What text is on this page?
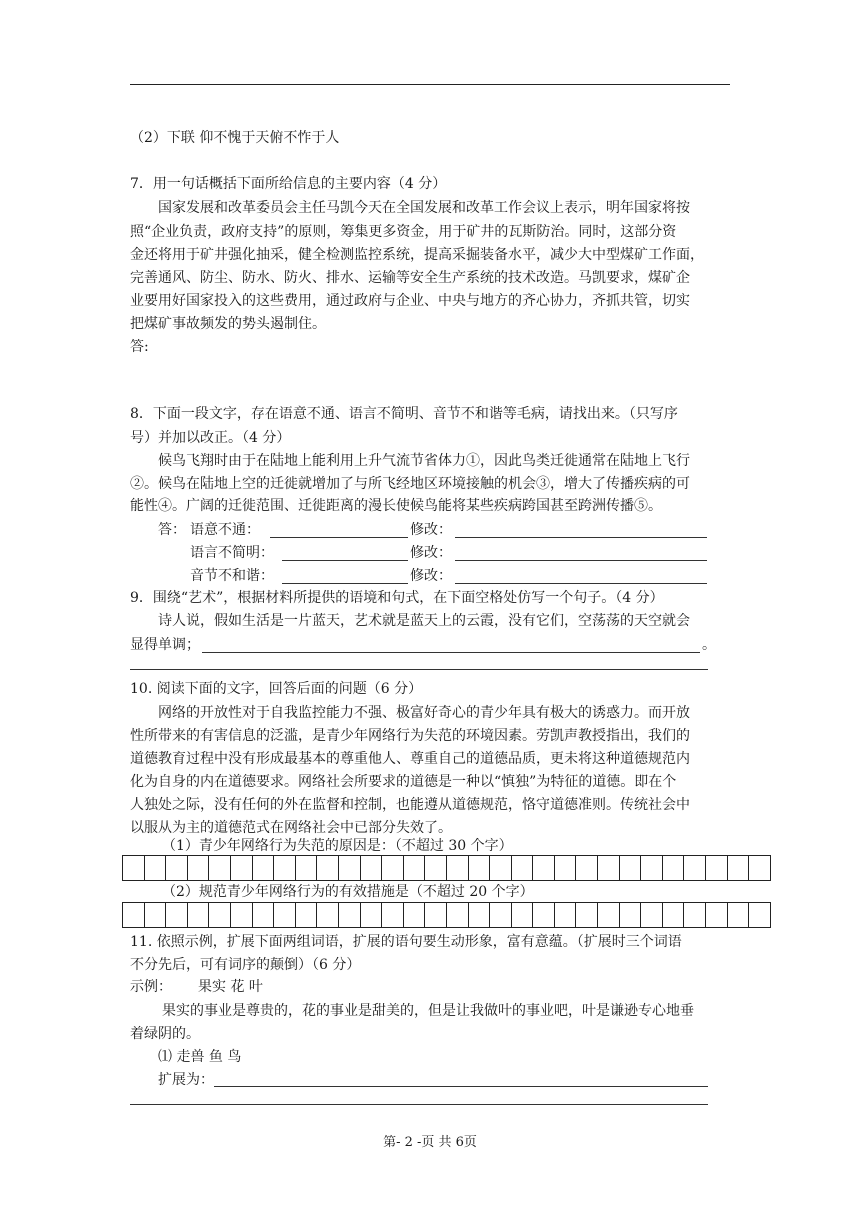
（2）下联 仰不愧于天俯不怍于人
7．用一句话概括下面所给信息的主要内容（4 分）
国家发展和改革委员会主任马凯今天在全国发展和改革工作会议上表示，明年国家将按
照“企业负责，政府支持”的原则，筹集更多资金，用于矿井的瓦斯防治。同时，这部分资
金还将用于矿井强化抽采，健全检测监控系统，提高采掘装备水平，减少大中型煤矿工作面，
完善通风、防尘、防水、防火、排水、运输等安全生产系统的技术改造。马凯要求，煤矿企
业要用好国家投入的这些费用，通过政府与企业、中央与地方的齐心协力，齐抓共管，切实
把煤矿事故频发的势头遏制住。
答:
8．下面一段文字，存在语意不通、语言不简明、音节不和谐等毛病，请找出来。（只写序
号）并加以改正。（4 分）
候鸟飞翔时由于在陆地上能利用上升气流节省体力①，因此鸟类迁徙通常在陆地上飞行
②。候鸟在陆地上空的迁徙就增加了与所飞经地区环境接触的机会③，增大了传播疾病的可
能性④。广阔的迁徙范围、迁徙距离的漫长使候鸟能将某些疾病跨国甚至跨洲传播⑤。
答： 语意不通：	修改：
语言不简明：	修改：
音节不和谐：	修改：
9．围绕“艺术”，根据材料所提供的语境和句式，在下面空格处仿写一个句子。（4 分）
诗人说，假如生活是一片蓝天，艺术就是蓝天上的云霞，没有它们，空荡荡的天空就会
显得单调；	。
10. 阅读下面的文字，回答后面的问题（6 分）
网络的开放性对于自我监控能力不强、极富好奇心的青少年具有极大的诱惑力。而开放
性所带来的有害信息的泛滥，是青少年网络行为失范的环境因素。劳凯声教授指出，我们的
道德教育过程中没有形成最基本的尊重他人、尊重自己的道德品质，更未将这种道德规范内
化为自身的内在道德要求。网络社会所要求的道德是一种以“慎独”为特征的道德。即在个
人独处之际，没有任何的外在监督和控制，也能遵从道德规范，恪守道德准则。传统社会中
以服从为主的道德范式在网络社会中已部分失效了。
（1）青少年网络行为失范的原因是：（不超过 30 个字）

（2）规范青少年网络行为的有效措施是（不超过 20 个字）

11. 依照示例，扩展下面两组词语，扩展的语句要生动形象，富有意蕴。（扩展时三个词语
不分先后，可有词序的颠倒）（6 分）
示例： 果实 花 叶
果实的事业是尊贵的，花的事业是甜美的，但是让我做叶的事业吧，叶是谦逊专心地垂
着绿阴的。
⑴ 走兽 鱼 鸟
扩展为：
第- 2 -页 共 6页
